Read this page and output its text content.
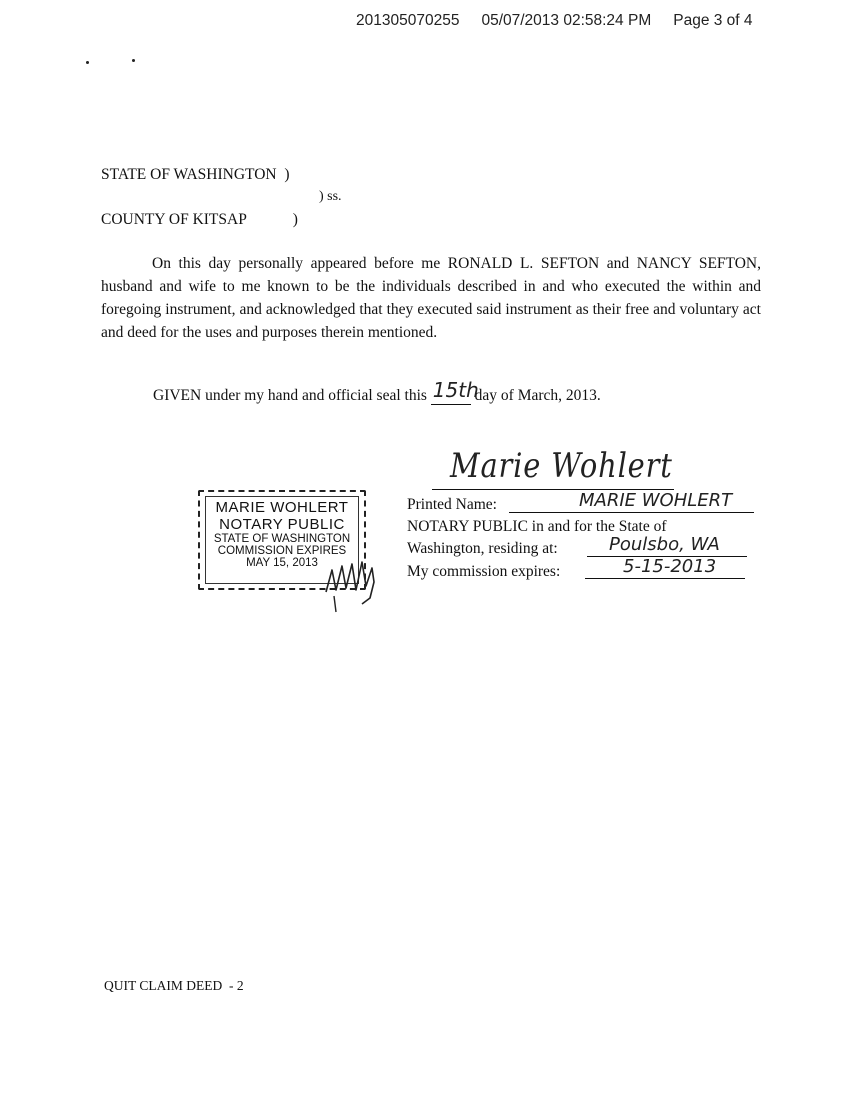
201305070255 05/07/2013 02:58:24 PM Page 3 of 4
STATE OF WASHINGTON  )
) ss.
COUNTY OF KITSAP            )

On this day personally appeared before me RONALD L. SEFTON and NANCY SEFTON, husband and wife to me known to be the individuals described in and who executed the within and foregoing instrument, and acknowledged that they executed said instrument as their free and voluntary act and deed for the uses and purposes therein mentioned.

GIVEN under my hand and official seal this 15th
day of March, 2013.
Marie Wohlert
Printed Name:	MARIE WOHLERT
NOTARY PUBLIC in and for the State of
Washington, residing at:	Poulsbo, WA
My commission expires:	5-15-2013
MARIE WOHLERT
NOTARY PUBLIC
STATE OF WASHINGTON
COMMISSION EXPIRES
MAY 15, 2013
QUIT CLAIM DEED  - 2
